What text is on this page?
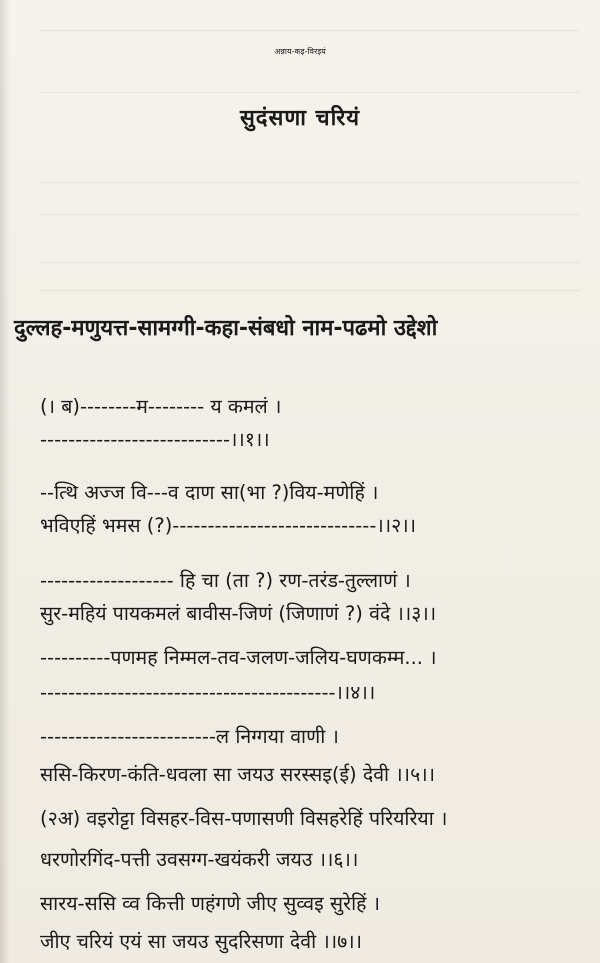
अन्नाय-कइ-विरइयं
सुदंसणा चरियं
दुल्लह-मणुयत्त-सामग्गी-कहा-संबधो नाम-पढमो उद्देशो
(। ब)--------म-------- य कमलं ।
---------------------------।।१।।
--त्थि अज्ज वि---व दाण सा(भा ?)विय-मणेहिं ।
भविएहिं भमस (?)-----------------------------।।२।।
------------------- हि चा (ता ?) रण-तरंड-तुल्लाणं ।
सुर-महियं पायकमलं बावीस-जिणं (जिणाणं ?) वंदे ।।३।।
----------पणमह निम्मल-तव-जलण-जलिय-घणकम्म... ।
------------------------------------------।।४।।
-------------------------ल निग्गया वाणी ।
ससि-किरण-कंति-धवला सा जयउ सरस्सइ(ई) देवी ।।५।।
(२अ) वइरोट्टा विसहर-विस-पणासणी विसहरेहिं परियरिया ।
धरणोरगिंद-पत्ती उवसग्ग-खयंकरी जयउ ।।६।।
सारय-ससि व्व कित्ती णहंगणे जीए सुव्वइ सुरेहिं ।
जीए चरियं एयं सा जयउ सुदरिसणा देवी ।।७।।
